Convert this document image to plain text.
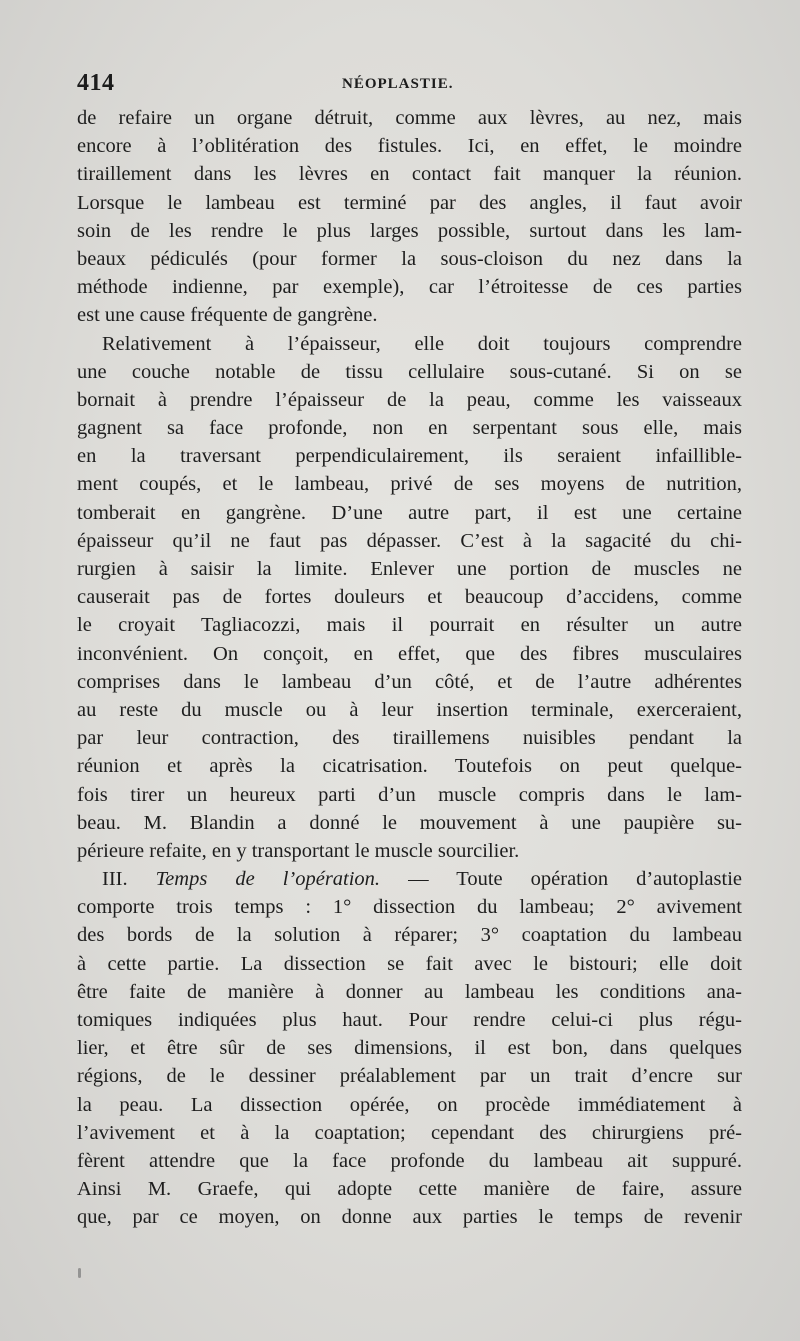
414	NÉOPLASTIE.
de refaire un organe détruit, comme aux lèvres, au nez, mais
encore à l’oblitération des fistules. Ici, en effet, le moindre
tiraillement dans les lèvres en contact fait manquer la réunion.
Lorsque le lambeau est terminé par des angles, il faut avoir
soin de les rendre le plus larges possible, surtout dans les lam-
beaux pédiculés (pour former la sous-cloison du nez dans la
méthode indienne, par exemple), car l’étroitesse de ces parties
est une cause fréquente de gangrène.
Relativement à l’épaisseur, elle doit toujours comprendre
une couche notable de tissu cellulaire sous-cutané. Si on se
bornait à prendre l’épaisseur de la peau, comme les vaisseaux
gagnent sa face profonde, non en serpentant sous elle, mais
en la traversant perpendiculairement, ils seraient infaillible-
ment coupés, et le lambeau, privé de ses moyens de nutrition,
tomberait en gangrène. D’une autre part, il est une certaine
épaisseur qu’il ne faut pas dépasser. C’est à la sagacité du chi-
rurgien à saisir la limite. Enlever une portion de muscles ne
causerait pas de fortes douleurs et beaucoup d’accidens, comme
le croyait Tagliacozzi, mais il pourrait en résulter un autre
inconvénient. On conçoit, en effet, que des fibres musculaires
comprises dans le lambeau d’un côté, et de l’autre adhérentes
au reste du muscle ou à leur insertion terminale, exerceraient,
par leur contraction, des tiraillemens nuisibles pendant la
réunion et après la cicatrisation. Toutefois on peut quelque-
fois tirer un heureux parti d’un muscle compris dans le lam-
beau. M. Blandin a donné le mouvement à une paupière su-
périeure refaite, en y transportant le muscle sourcilier.
III. Temps de l’opération. — Toute opération d’autoplastie
comporte trois temps : 1° dissection du lambeau; 2° avivement
des bords de la solution à réparer; 3° coaptation du lambeau
à cette partie. La dissection se fait avec le bistouri; elle doit
être faite de manière à donner au lambeau les conditions ana-
tomiques indiquées plus haut. Pour rendre celui-ci plus régu-
lier, et être sûr de ses dimensions, il est bon, dans quelques
régions, de le dessiner préalablement par un trait d’encre sur
la peau. La dissection opérée, on procède immédiatement à
l’avivement et à la coaptation; cependant des chirurgiens pré-
fèrent attendre que la face profonde du lambeau ait suppuré.
Ainsi M. Graefe, qui adopte cette manière de faire, assure
que, par ce moyen, on donne aux parties le temps de revenir
